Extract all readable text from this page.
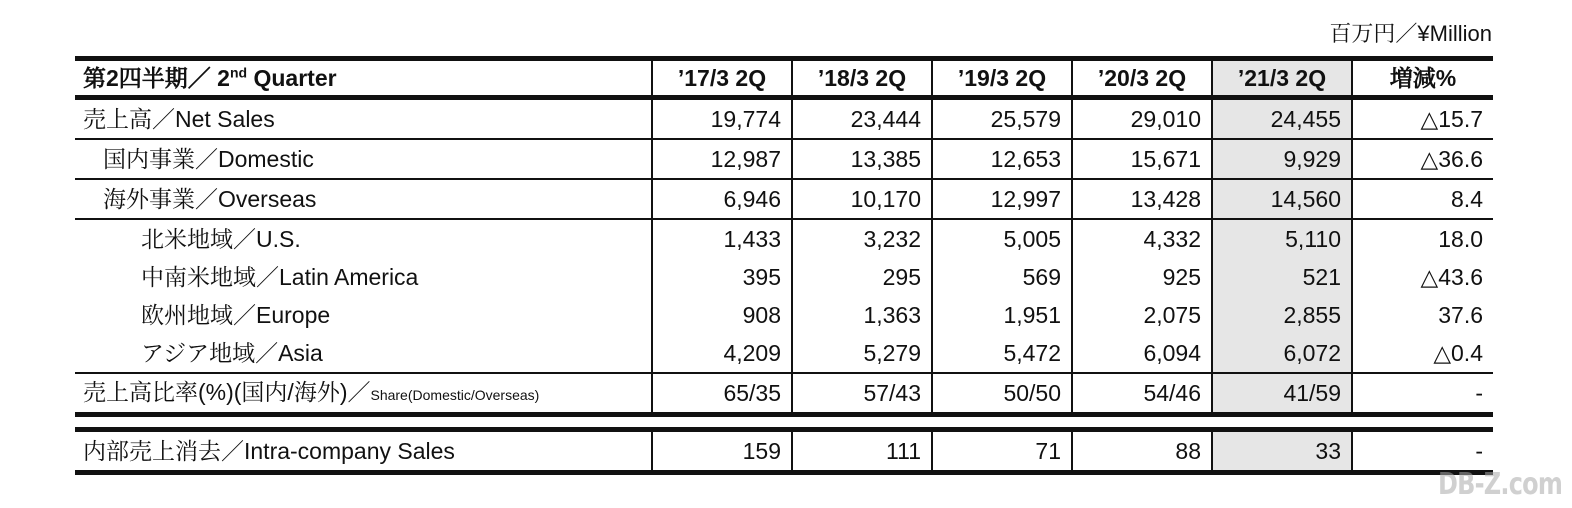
百万円／¥Million
第2四半期／ 2nd Quarter	’17/3 2Q	’18/3 2Q	’19/3 2Q	’20/3 2Q	’21/3 2Q	増減%
売上高／Net Sales	19,774	23,444	25,579	29,010	24,455	△15.7
国内事業／Domestic	12,987	13,385	12,653	15,671	9,929	△36.6
海外事業／Overseas	6,946	10,170	12,997	13,428	14,560	8.4
北米地域／U.S.	1,433	3,232	5,005	4,332	5,110	18.0
中南米地域／Latin America	395	295	569	925	521	△43.6
欧州地域／Europe	908	1,363	1,951	2,075	2,855	37.6
アジア地域／Asia	4,209	5,279	5,472	6,094	6,072	△0.4
売上高比率(%)(国内/海外)／Share(Domestic/Overseas)	65/35	57/43	50/50	54/46	41/59	-

内部売上消去／Intra-company Sales	159	111	71	88	33	-
DB-Z.com
